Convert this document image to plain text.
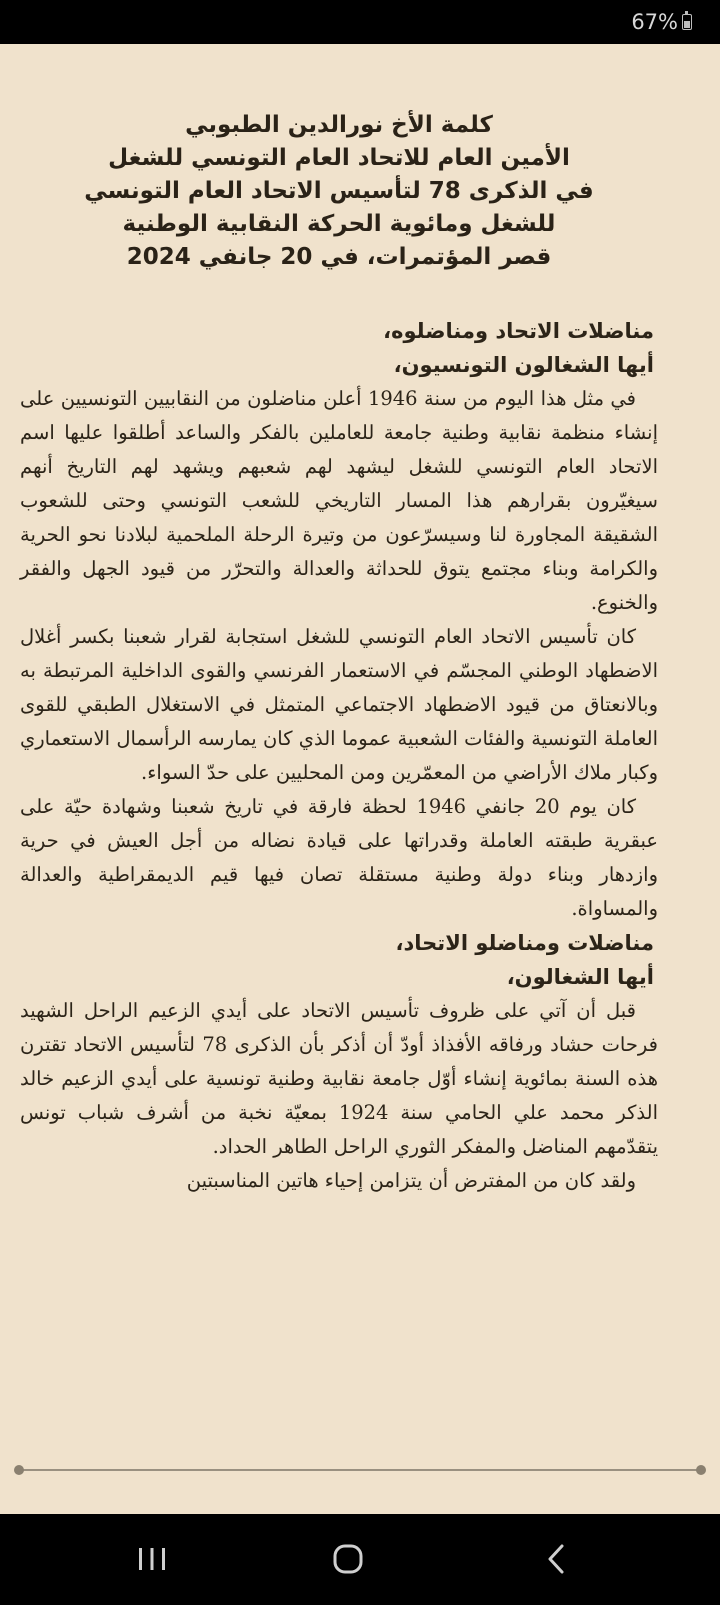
67%
كلمة الأخ نورالدين الطبوبي
الأمين العام للاتحاد العام التونسي للشغل
في الذكرى 78 لتأسيس الاتحاد العام التونسي
للشغل ومائوية الحركة النقابية الوطنية
قصر المؤتمرات، في 20 جانفي 2024
مناضلات الاتحاد ومناضلوه،
أيها الشغالون التونسيون،

في مثل هذا اليوم من سنة 1946 أعلن مناضلون من النقابيين التونسيين على إنشاء منظمة نقابية وطنية جامعة للعاملين بالفكر والساعد أطلقوا عليها اسم الاتحاد العام التونسي للشغل ليشهد لهم شعبهم ويشهد لهم التاريخ أنهم سيغيّرون بقرارهم هذا المسار التاريخي للشعب التونسي وحتى للشعوب الشقيقة المجاورة لنا وسيسرّعون من وتيرة الرحلة الملحمية لبلادنا نحو الحرية والكرامة وبناء مجتمع يتوق للحداثة والعدالة والتحرّر من قيود الجهل والفقر والخنوع.

كان تأسيس الاتحاد العام التونسي للشغل استجابة لقرار شعبنا بكسر أغلال الاضطهاد الوطني المجسّم في الاستعمار الفرنسي والقوى الداخلية المرتبطة به وبالانعتاق من قيود الاضطهاد الاجتماعي المتمثل في الاستغلال الطبقي للقوى العاملة التونسية والفئات الشعبية عموما الذي كان يمارسه الرأسمال الاستعماري وكبار ملاك الأراضي من المعمّرين ومن المحليين على حدّ السواء.

كان يوم 20 جانفي 1946 لحظة فارقة في تاريخ شعبنا وشهادة حيّة على عبقرية طبقته العاملة وقدراتها على قيادة نضاله من أجل العيش في حرية وازدهار وبناء دولة وطنية مستقلة تصان فيها قيم الديمقراطية والعدالة والمساواة.

مناضلات ومناضلو الاتحاد،
أيها الشغالون،

قبل أن آتي على ظروف تأسيس الاتحاد على أيدي الزعيم الراحل الشهيد فرحات حشاد ورفاقه الأفذاذ أودّ أن أذكر بأن الذكرى 78 لتأسيس الاتحاد تقترن هذه السنة بمائوية إنشاء أوّل جامعة نقابية وطنية تونسية على أيدي الزعيم خالد الذكر محمد علي الحامي سنة 1924 بمعيّة نخبة من أشرف شباب تونس يتقدّمهم المناضل والمفكر الثوري الراحل الطاهر الحداد.

ولقد كان من المفترض أن يتزامن إحياء هاتين المناسبتين
